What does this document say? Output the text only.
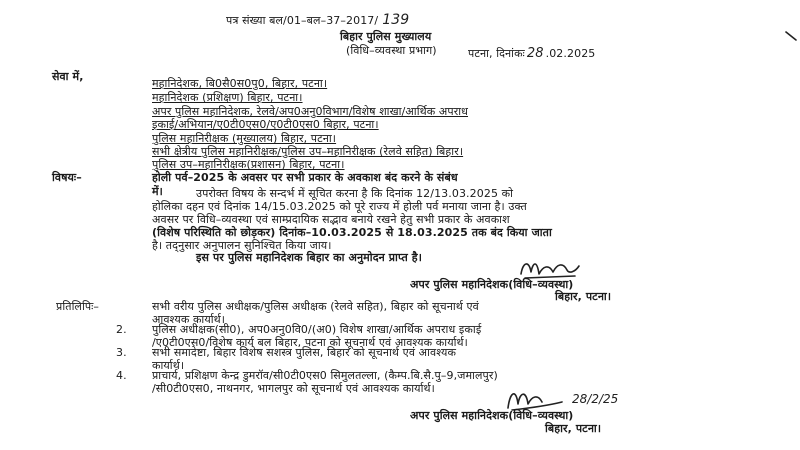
पत्र संख्या बल/01–बल–37–2017/ 139
बिहार पुलिस मुख्यालय
(विधि–व्यवस्था प्रभाग)	पटना, दिनांकः 28 .02.2025
सेवा में,
महानिदेशक, बि0सै0स0पु0, बिहार, पटना।
महानिदेशक (प्रशिक्षण) बिहार, पटना।
अपर पुलिस महानिदेशक, रेलवे/अप0अनु0विभाग/विशेष शाखा/आर्थिक अपराध
इकाई/अभियान/ए0टी0एस0/ए0टी0एस0 बिहार, पटना।
पुलिस महानिरीक्षक (मुख्यालय) बिहार, पटना।
सभी क्षेत्रीय पुलिस महानिरीक्षक/पुलिस उप–महानिरीक्षक (रेलवे सहित) बिहार।
पुलिस उप–महानिरीक्षक(प्रशासन) बिहार, पटना।
विषयः–	होली पर्व–2025 के अवसर पर सभी प्रकार के अवकाश बंद करने के संबंध
में।	उपरोक्त विषय के सन्दर्भ में सूचित करना है कि दिनांक 12/13.03.2025 को
होलिका दहन एवं दिनांक 14/15.03.2025 को पूरे राज्य में होली पर्व मनाया जाना है। उक्त
अवसर पर विधि–व्यवस्था एवं साम्प्रदायिक सद्भाव बनाये रखने हेतु सभी प्रकार के अवकाश
(विशेष परिस्थिति को छोड़कर) दिनांक–10.03.2025 से 18.03.2025 तक बंद किया जाता
है। तद्नुसार अनुपालन सुनिश्चित किया जाय।
इस पर पुलिस महानिदेशक बिहार का अनुमोदन प्राप्त है।
अपर पुलिस महानिदेशक(विधि–व्यवस्था)
बिहार, पटना।
प्रतिलिपिः–	सभी वरीय पुलिस अधीक्षक/पुलिस अधीक्षक (रेलवे सहित), बिहार को सूचनार्थ एवं
आवश्यक कार्यार्थ।
2. पुलिस अधीक्षक(सी0), अप0अनु0वि0/(अ0) विशेष शाखा/आर्थिक अपराध इकाई
/ए0टी0एस0/विशेष कार्य बल बिहार, पटना को सूचनार्थ एवं आवश्यक कार्यार्थ।
3. सभी समादेष्टा, बिहार विशेष सशस्त्र पुलिस, बिहार को सूचनार्थ एवं आवश्यक
कार्यार्थ।
4. प्राचार्य, प्रशिक्षण केन्द्र डुमरॉव/सी0टी0एस0 सिमुलतल्ला, (कैम्प.बि.सै.पु–9,जमालपुर)
/सी0टी0एस0, नाथनगर, भागलपुर को सूचनार्थ एवं आवश्यक कार्यार्थ।
28/2/25
अपर पुलिस महानिदेशक(विधि–व्यवस्था)
बिहार, पटना।
